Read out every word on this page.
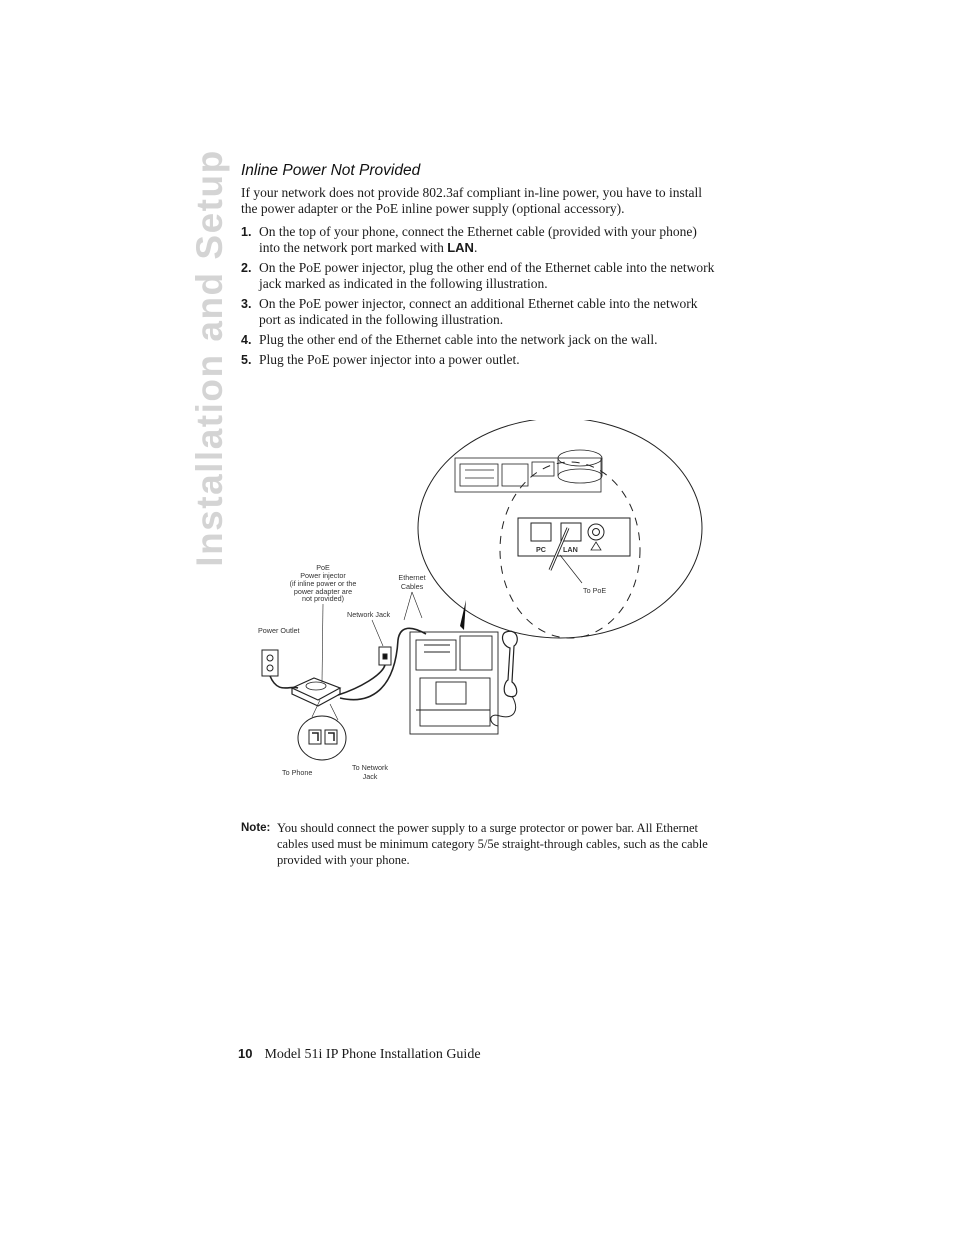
Installation and Setup Inline Power Not Provided

If your network does not provide 802.3af compliant in-line power, you have to install the power adapter or the PoE inline power supply (optional accessory).

1. On the top of your phone, connect the Ethernet cable (provided with your phone) into the network port marked with LAN.
2. On the PoE power injector, plug the other end of the Ethernet cable into the network jack marked as indicated in the following illustration.
3. On the PoE power injector, connect an additional Ethernet cable into the network port as indicated in the following illustration.
4. Plug the other end of the Ethernet cable into the network jack on the wall.
5. Plug the PoE power injector into a power outlet.
PC LAN
PoE
Power injector
(if inline power or the
power adapter are
not provided)
Ethernet
Cables
Network Jack
Power Outlet
To PoE
To Phone
To Network
Jack
Note: You should connect the power supply to a surge protector or power bar. All Ethernet cables used must be minimum category 5/5e straight-through cables, such as the cable provided with your phone.
10 Model 51i IP Phone Installation Guide
